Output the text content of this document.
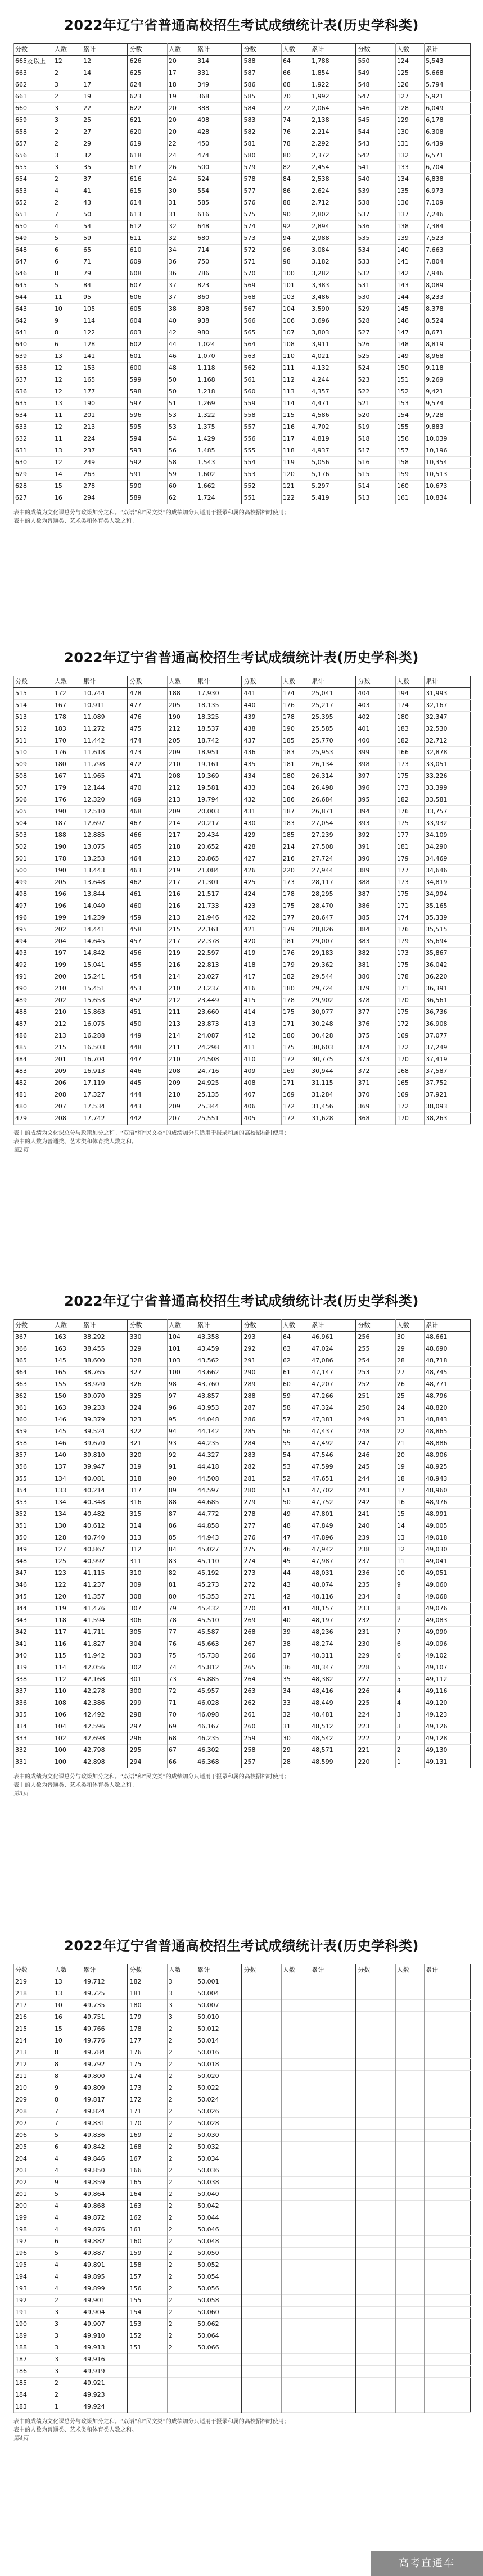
2022年辽宁省普通高校招生考试成绩统计表(历史学科类)
分数	人数	累计	分数	人数	累计	分数	人数	累计	分数	人数	累计
665及以上	12	12	626	20	314	588	64	1,788	550	124	5,543
663	2	14	625	17	331	587	66	1,854	549	125	5,668
662	3	17	624	18	349	586	68	1,922	548	126	5,794
661	2	19	623	19	368	585	70	1,992	547	127	5,921
660	3	22	622	20	388	584	72	2,064	546	128	6,049
659	3	25	621	20	408	583	74	2,138	545	129	6,178
658	2	27	620	20	428	582	76	2,214	544	130	6,308
657	2	29	619	22	450	581	78	2,292	543	131	6,439
656	3	32	618	24	474	580	80	2,372	542	132	6,571
655	3	35	617	26	500	579	82	2,454	541	133	6,704
654	2	37	616	24	524	578	84	2,538	540	134	6,838
653	4	41	615	30	554	577	86	2,624	539	135	6,973
652	2	43	614	31	585	576	88	2,712	538	136	7,109
651	7	50	613	31	616	575	90	2,802	537	137	7,246
650	4	54	612	32	648	574	92	2,894	536	138	7,384
649	5	59	611	32	680	573	94	2,988	535	139	7,523
648	6	65	610	34	714	572	96	3,084	534	140	7,663
647	6	71	609	36	750	571	98	3,182	533	141	7,804
646	8	79	608	36	786	570	100	3,282	532	142	7,946
645	5	84	607	37	823	569	101	3,383	531	143	8,089
644	11	95	606	37	860	568	103	3,486	530	144	8,233
643	10	105	605	38	898	567	104	3,590	529	145	8,378
642	9	114	604	40	938	566	106	3,696	528	146	8,524
641	8	122	603	42	980	565	107	3,803	527	147	8,671
640	6	128	602	44	1,024	564	108	3,911	526	148	8,819
639	13	141	601	46	1,070	563	110	4,021	525	149	8,968
638	12	153	600	48	1,118	562	111	4,132	524	150	9,118
637	12	165	599	50	1,168	561	112	4,244	523	151	9,269
636	12	177	598	50	1,218	560	113	4,357	522	152	9,421
635	13	190	597	51	1,269	559	114	4,471	521	153	9,574
634	11	201	596	53	1,322	558	115	4,586	520	154	9,728
633	12	213	595	53	1,375	557	116	4,702	519	155	9,883
632	11	224	594	54	1,429	556	117	4,819	518	156	10,039
631	13	237	593	56	1,485	555	118	4,937	517	157	10,196
630	12	249	592	58	1,543	554	119	5,056	516	158	10,354
629	14	263	591	59	1,602	553	120	5,176	515	159	10,513
628	15	278	590	60	1,662	552	121	5,297	514	160	10,673
627	16	294	589	62	1,724	551	122	5,419	513	161	10,834
表中的成绩为文化课总分与政策加分之和。“双语”和“民文类”的成绩加分只适用于报录和属的高校招档时使用；
表中的人数为普通类、艺术类和体育类人数之和。
2022年辽宁省普通高校招生考试成绩统计表(历史学科类)
分数	人数	累计	分数	人数	累计	分数	人数	累计	分数	人数	累计
515	172	10,744	478	188	17,930	441	174	25,041	404	194	31,993
514	167	10,911	477	205	18,135	440	176	25,217	403	174	32,167
513	178	11,089	476	190	18,325	439	178	25,395	402	180	32,347
512	183	11,272	475	212	18,537	438	190	25,585	401	183	32,530
511	170	11,442	474	205	18,742	437	185	25,770	400	182	32,712
510	176	11,618	473	209	18,951	436	183	25,953	399	166	32,878
509	180	11,798	472	210	19,161	435	181	26,134	398	173	33,051
508	167	11,965	471	208	19,369	434	180	26,314	397	175	33,226
507	179	12,144	470	212	19,581	433	184	26,498	396	173	33,399
506	176	12,320	469	213	19,794	432	186	26,684	395	182	33,581
505	190	12,510	468	209	20,003	431	187	26,871	394	176	33,757
504	187	12,697	467	214	20,217	430	183	27,054	393	175	33,932
503	188	12,885	466	217	20,434	429	185	27,239	392	177	34,109
502	190	13,075	465	218	20,652	428	214	27,508	391	181	34,290
501	178	13,253	464	213	20,865	427	216	27,724	390	179	34,469
500	190	13,443	463	219	21,084	426	220	27,944	389	177	34,646
499	205	13,648	462	217	21,301	425	173	28,117	388	173	34,819
498	196	13,844	461	216	21,517	424	178	28,295	387	175	34,994
497	196	14,040	460	216	21,733	423	175	28,470	386	171	35,165
496	199	14,239	459	213	21,946	422	177	28,647	385	174	35,339
495	202	14,441	458	215	22,161	421	179	28,826	384	176	35,515
494	204	14,645	457	217	22,378	420	181	29,007	383	179	35,694
493	197	14,842	456	219	22,597	419	176	29,183	382	173	35,867
492	199	15,041	455	216	22,813	418	179	29,362	381	175	36,042
491	200	15,241	454	214	23,027	417	182	29,544	380	178	36,220
490	210	15,451	453	210	23,237	416	180	29,724	379	171	36,391
489	202	15,653	452	212	23,449	415	178	29,902	378	170	36,561
488	210	15,863	451	211	23,660	414	175	30,077	377	175	36,736
487	212	16,075	450	213	23,873	413	171	30,248	376	172	36,908
486	213	16,288	449	214	24,087	412	180	30,428	375	169	37,077
485	215	16,503	448	211	24,298	411	175	30,603	374	172	37,249
484	201	16,704	447	210	24,508	410	172	30,775	373	170	37,419
483	209	16,913	446	208	24,716	409	169	30,944	372	168	37,587
482	206	17,119	445	209	24,925	408	171	31,115	371	165	37,752
481	208	17,327	444	210	25,135	407	169	31,284	370	169	37,921
480	207	17,534	443	209	25,344	406	172	31,456	369	172	38,093
479	208	17,742	442	207	25,551	405	172	31,628	368	170	38,263
表中的成绩为文化课总分与政策加分之和。“双语”和“民文类”的成绩加分只适用于报录和属的高校招档时使用；
表中的人数为普通类、艺术类和体育类人数之和。
第2页
2022年辽宁省普通高校招生考试成绩统计表(历史学科类)
分数	人数	累计	分数	人数	累计	分数	人数	累计	分数	人数	累计
367	163	38,292	330	104	43,358	293	64	46,961	256	30	48,661
366	163	38,455	329	101	43,459	292	63	47,024	255	29	48,690
365	145	38,600	328	103	43,562	291	62	47,086	254	28	48,718
364	165	38,765	327	100	43,662	290	61	47,147	253	27	48,745
363	155	38,920	326	98	43,760	289	60	47,207	252	26	48,771
362	150	39,070	325	97	43,857	288	59	47,266	251	25	48,796
361	163	39,233	324	96	43,953	287	58	47,324	250	24	48,820
360	146	39,379	323	95	44,048	286	57	47,381	249	23	48,843
359	145	39,524	322	94	44,142	285	56	47,437	248	22	48,865
358	146	39,670	321	93	44,235	284	55	47,492	247	21	48,886
357	140	39,810	320	92	44,327	283	54	47,546	246	20	48,906
356	137	39,947	319	91	44,418	282	53	47,599	245	19	48,925
355	134	40,081	318	90	44,508	281	52	47,651	244	18	48,943
354	133	40,214	317	89	44,597	280	51	47,702	243	17	48,960
353	134	40,348	316	88	44,685	279	50	47,752	242	16	48,976
352	134	40,482	315	87	44,772	278	49	47,801	241	15	48,991
351	130	40,612	314	86	44,858	277	48	47,849	240	14	49,005
350	128	40,740	313	85	44,943	276	47	47,896	239	13	49,018
349	127	40,867	312	84	45,027	275	46	47,942	238	12	49,030
348	125	40,992	311	83	45,110	274	45	47,987	237	11	49,041
347	123	41,115	310	82	45,192	273	44	48,031	236	10	49,051
346	122	41,237	309	81	45,273	272	43	48,074	235	9	49,060
345	120	41,357	308	80	45,353	271	42	48,116	234	8	49,068
344	119	41,476	307	79	45,432	270	41	48,157	233	8	49,076
343	118	41,594	306	78	45,510	269	40	48,197	232	7	49,083
342	117	41,711	305	77	45,587	268	39	48,236	231	7	49,090
341	116	41,827	304	76	45,663	267	38	48,274	230	6	49,096
340	115	41,942	303	75	45,738	266	37	48,311	229	6	49,102
339	114	42,056	302	74	45,812	265	36	48,347	228	5	49,107
338	112	42,168	301	73	45,885	264	35	48,382	227	5	49,112
337	110	42,278	300	72	45,957	263	34	48,416	226	4	49,116
336	108	42,386	299	71	46,028	262	33	48,449	225	4	49,120
335	106	42,492	298	70	46,098	261	32	48,481	224	3	49,123
334	104	42,596	297	69	46,167	260	31	48,512	223	3	49,126
333	102	42,698	296	68	46,235	259	30	48,542	222	2	49,128
332	100	42,798	295	67	46,302	258	29	48,571	221	2	49,130
331	100	42,898	294	66	46,368	257	28	48,599	220	1	49,131
表中的成绩为文化课总分与政策加分之和。“双语”和“民文类”的成绩加分只适用于报录和属的高校招档时使用；
表中的人数为普通类、艺术类和体育类人数之和。
第3页
2022年辽宁省普通高校招生考试成绩统计表(历史学科类)
分数	人数	累计	分数	人数	累计	分数	人数	累计	分数	人数	累计
219	13	49,712	182	3	50,001						
218	13	49,725	181	3	50,004						
217	10	49,735	180	3	50,007						
216	16	49,751	179	3	50,010						
215	15	49,766	178	2	50,012						
214	10	49,776	177	2	50,014						
213	8	49,784	176	2	50,016						
212	8	49,792	175	2	50,018						
211	8	49,800	174	2	50,020						
210	9	49,809	173	2	50,022						
209	8	49,817	172	2	50,024						
208	7	49,824	171	2	50,026						
207	7	49,831	170	2	50,028						
206	5	49,836	169	2	50,030						
205	6	49,842	168	2	50,032						
204	4	49,846	167	2	50,034						
203	4	49,850	166	2	50,036						
202	9	49,859	165	2	50,038						
201	5	49,864	164	2	50,040						
200	4	49,868	163	2	50,042						
199	4	49,872	162	2	50,044						
198	4	49,876	161	2	50,046						
197	6	49,882	160	2	50,048						
196	5	49,887	159	2	50,050						
195	4	49,891	158	2	50,052						
194	4	49,895	157	2	50,054						
193	4	49,899	156	2	50,056						
192	2	49,901	155	2	50,058						
191	3	49,904	154	2	50,060						
190	3	49,907	153	2	50,062						
189	3	49,910	152	2	50,064						
188	3	49,913	151	2	50,066						
187	3	49,916									
186	3	49,919									
185	2	49,921									
184	2	49,923									
183	1	49,924									
表中的成绩为文化课总分与政策加分之和。“双语”和“民文类”的成绩加分只适用于报录和属的高校招档时使用；
表中的人数为普通类、艺术类和体育类人数之和。
第4页
高考直通车
